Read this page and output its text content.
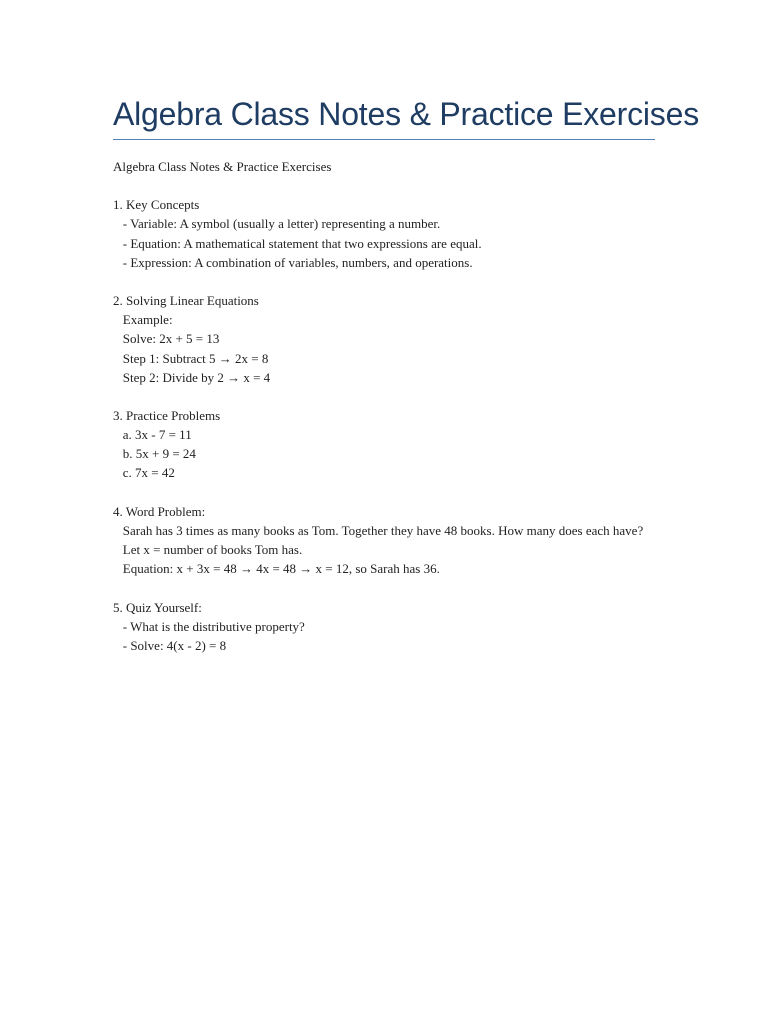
Algebra Class Notes & Practice Exercises
Algebra Class Notes & Practice Exercises
1. Key Concepts
- Variable: A symbol (usually a letter) representing a number.
- Equation: A mathematical statement that two expressions are equal.
- Expression: A combination of variables, numbers, and operations.
2. Solving Linear Equations
Example:
Solve: 2x + 5 = 13
Step 1: Subtract 5 → 2x = 8
Step 2: Divide by 2 → x = 4
3. Practice Problems
a. 3x - 7 = 11
b. 5x + 9 = 24
c. 7x = 42
4. Word Problem:
Sarah has 3 times as many books as Tom. Together they have 48 books. How many does each have?
Let x = number of books Tom has.
Equation: x + 3x = 48 → 4x = 48 → x = 12, so Sarah has 36.
5. Quiz Yourself:
- What is the distributive property?
- Solve: 4(x - 2) = 8
